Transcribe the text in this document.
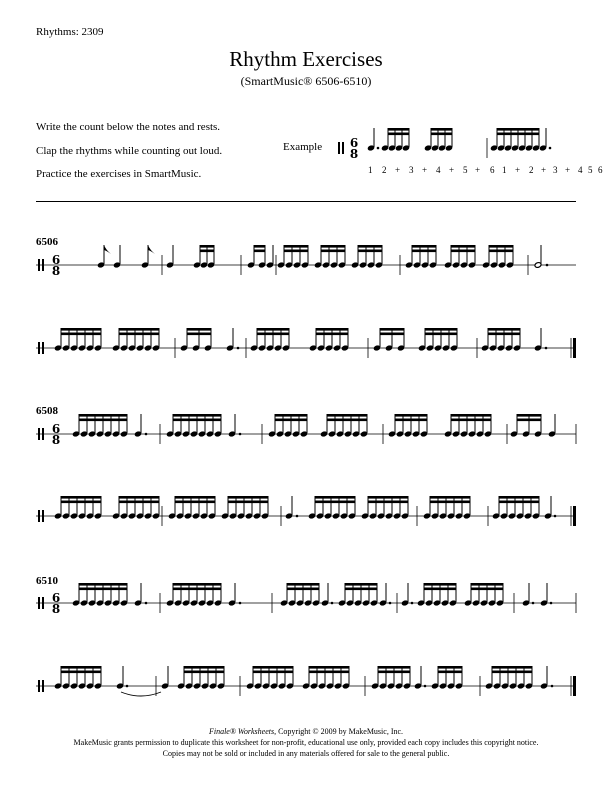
Rhythms: 2309
Rhythm Exercises
(SmartMusic® 6506-6510)
Write the count below the notes and rests.
Clap the rhythms while counting out loud.
Practice the exercises in SmartMusic.
Example
6506
6508
6510
6
8
1 2 + 3 + 4 + 5 + 6 1 + 2 + 3 + 4 5 6
6
8
6
8
6
8
Finale® Worksheets, Copyright © 2009 by MakeMusic, Inc.
MakeMusic grants permission to duplicate this worksheet for non-profit, educational use only, provided each copy includes this copyright notice.
Copies may not be sold or included in any materials offered for sale to the general public.
